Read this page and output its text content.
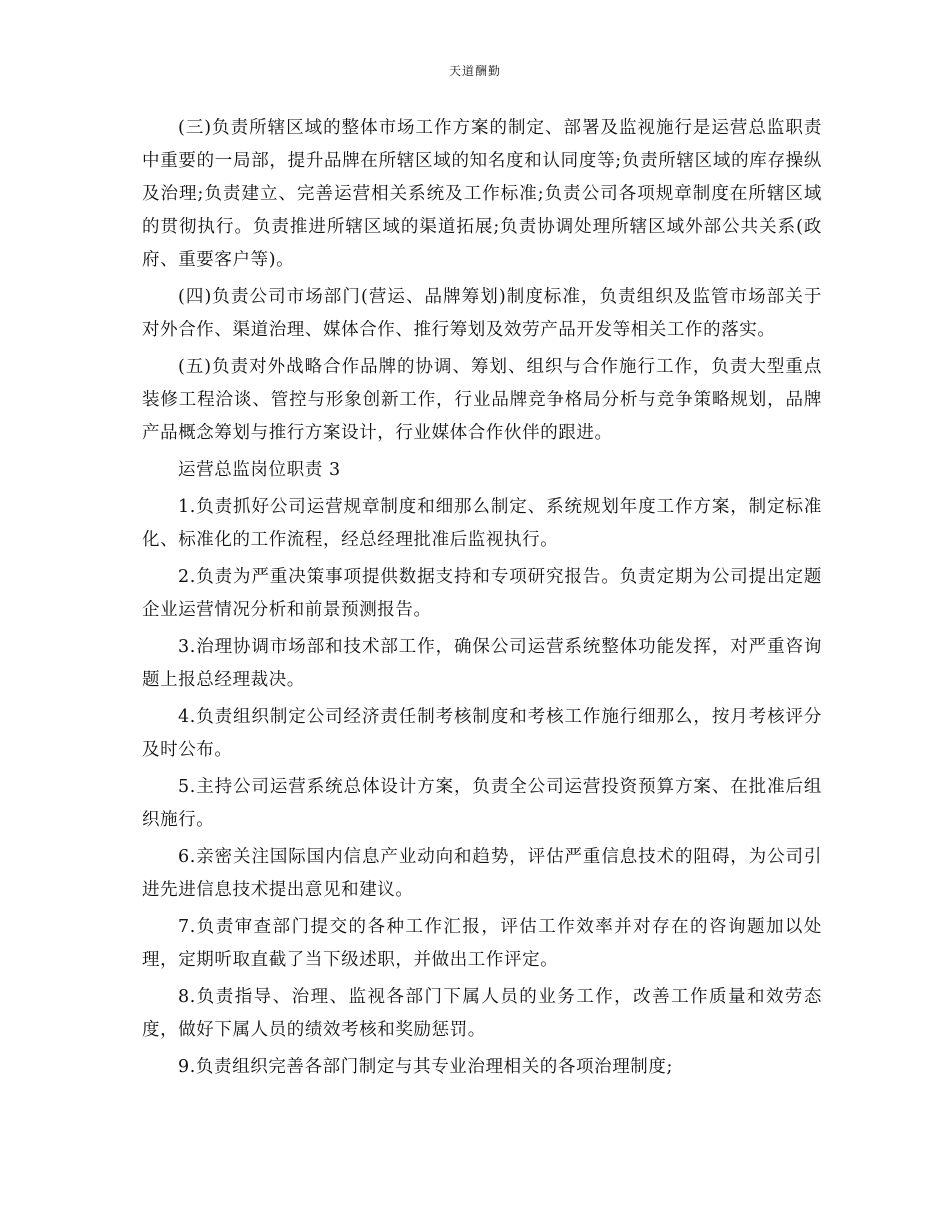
天道酬勤

(三)负责所辖区域的整体市场工作方案的制定、部署及监视施行是运营总监职责中重要的一局部，提升品牌在所辖区域的知名度和认同度等;负责所辖区域的库存操纵及治理;负责建立、完善运营相关系统及工作标准;负责公司各项规章制度在所辖区域的贯彻执行。负责推进所辖区域的渠道拓展;负责协调处理所辖区域外部公共关系(政府、重要客户等)。

(四)负责公司市场部门(营运、品牌筹划)制度标准，负责组织及监管市场部关于对外合作、渠道治理、媒体合作、推行筹划及效劳产品开发等相关工作的落实。

(五)负责对外战略合作品牌的协调、筹划、组织与合作施行工作，负责大型重点装修工程洽谈、管控与形象创新工作，行业品牌竞争格局分析与竞争策略规划，品牌产品概念筹划与推行方案设计，行业媒体合作伙伴的跟进。

运营总监岗位职责 3

1.负责抓好公司运营规章制度和细那么制定、系统规划年度工作方案，制定标准化、标准化的工作流程，经总经理批准后监视执行。

2.负责为严重决策事项提供数据支持和专项研究报告。负责定期为公司提出定题企业运营情况分析和前景预测报告。

3.治理协调市场部和技术部工作，确保公司运营系统整体功能发挥，对严重咨询题上报总经理裁决。

4.负责组织制定公司经济责任制考核制度和考核工作施行细那么，按月考核评分及时公布。

5.主持公司运营系统总体设计方案，负责全公司运营投资预算方案、在批准后组织施行。

6.亲密关注国际国内信息产业动向和趋势，评估严重信息技术的阻碍，为公司引进先进信息技术提出意见和建议。

7.负责审查部门提交的各种工作汇报，评估工作效率并对存在的咨询题加以处理，定期听取直截了当下级述职，并做出工作评定。

8.负责指导、治理、监视各部门下属人员的业务工作，改善工作质量和效劳态度，做好下属人员的绩效考核和奖励惩罚。

9.负责组织完善各部门制定与其专业治理相关的各项治理制度;
